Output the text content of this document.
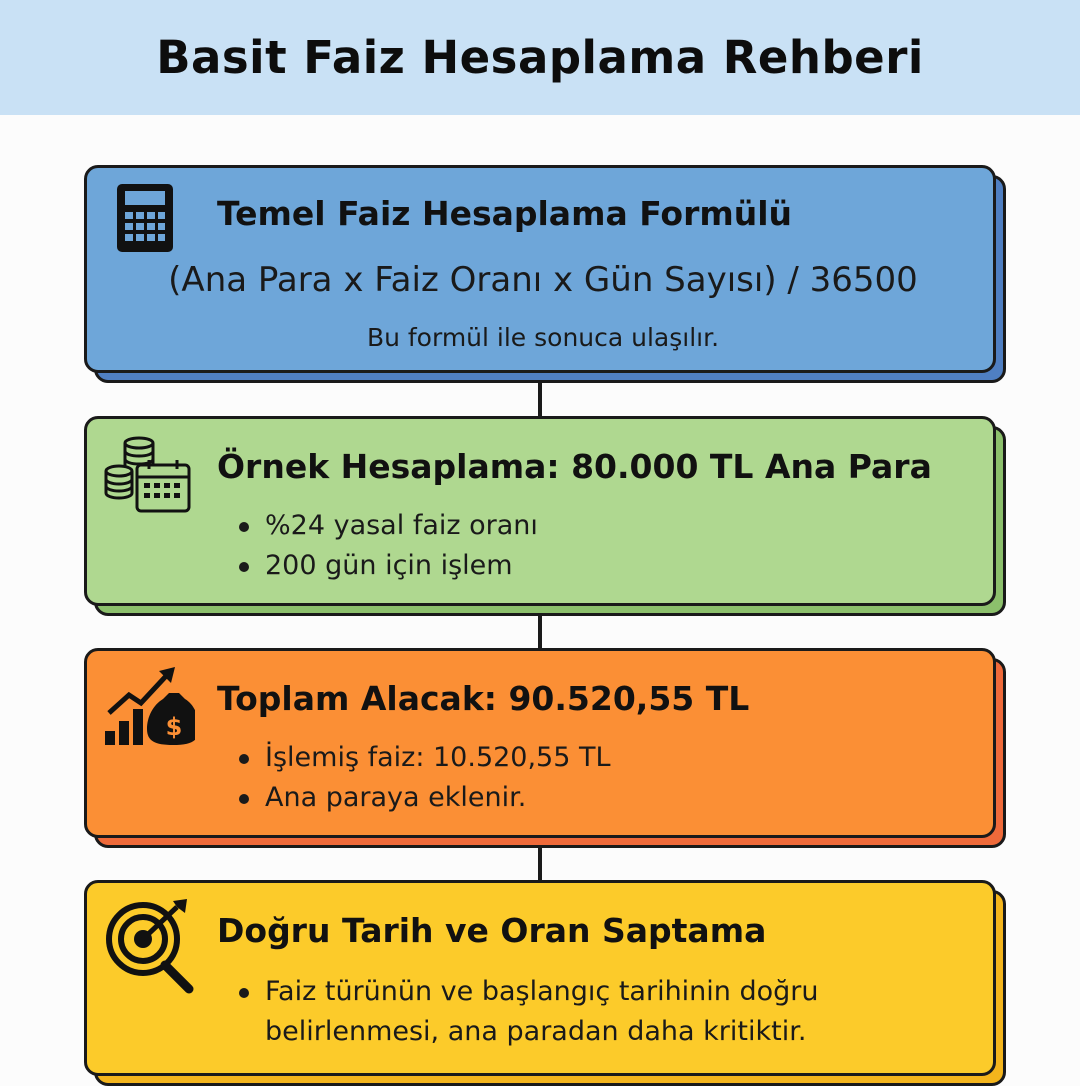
Basit Faiz Hesaplama Rehberi
Temel Faiz Hesaplama Formülü
(Ana Para x Faiz Oranı x Gün Sayısı) / 36500
Bu formül ile sonuca ulaşılır.
Örnek Hesaplama: 80.000 TL Ana Para
%24 yasal faiz oranı
200 gün için işlem
$
Toplam Alacak: 90.520,55 TL
İşlemiş faiz: 10.520,55 TL
Ana paraya eklenir.
Doğru Tarih ve Oran Saptama
Faiz türünün ve başlangıç tarihinin doğru belirlenmesi, ana paradan daha kritiktir.
